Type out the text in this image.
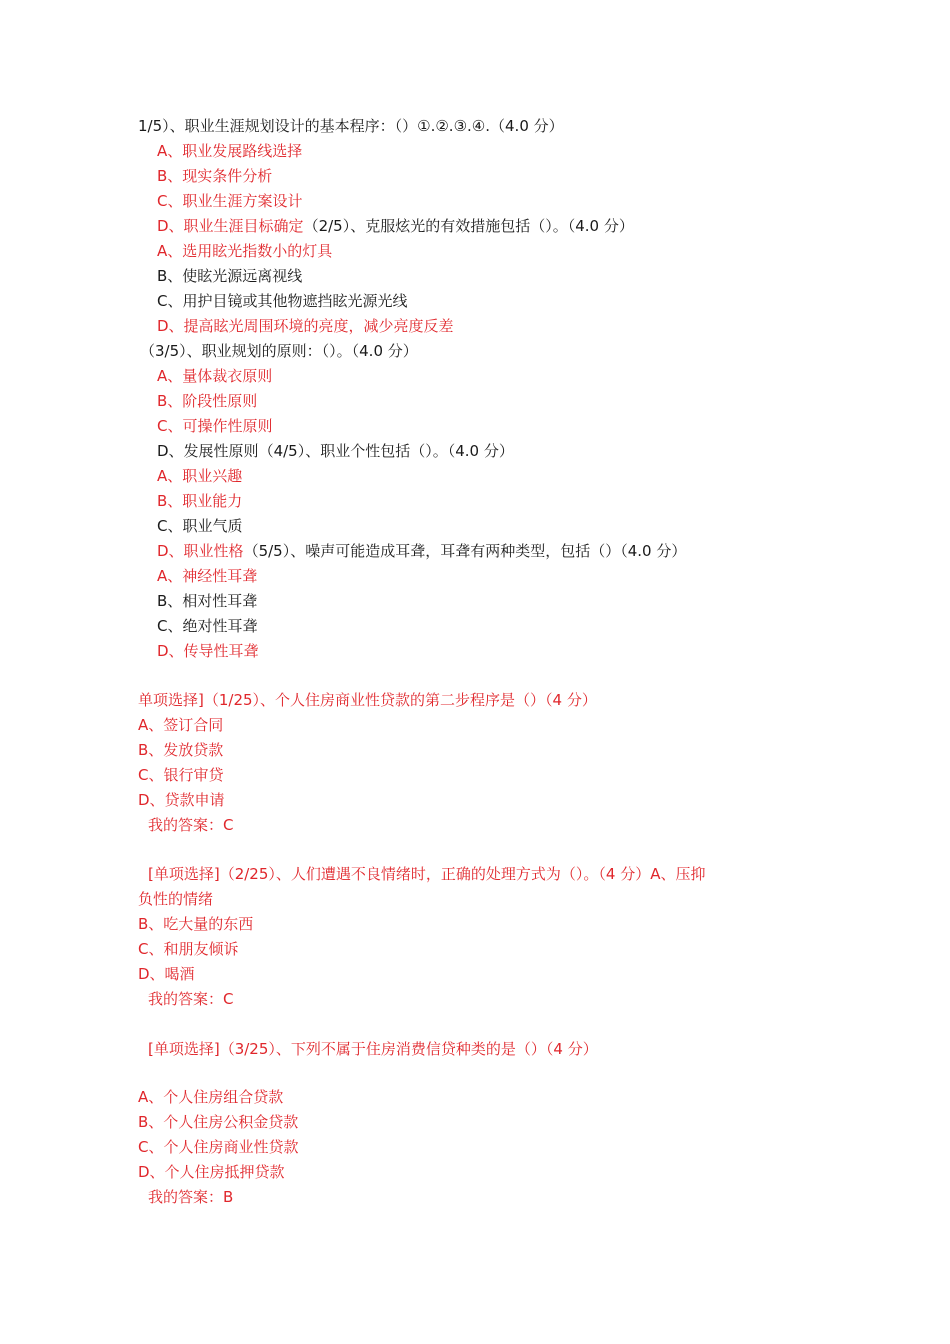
1/5）、职业生涯规划设计的基本程序：（）①.②.③.④.（4.0 分）
A、职业发展路线选择
B、现实条件分析
C、职业生涯方案设计
D、职业生涯目标确定（2/5）、克服炫光的有效措施包括（）。（4.0 分）
A、选用眩光指数小的灯具
B、使眩光源远离视线
C、用护目镜或其他物遮挡眩光源光线
D、提高眩光周围环境的亮度，减少亮度反差
（3/5）、职业规划的原则：（）。（4.0 分）
A、量体裁衣原则
B、阶段性原则
C、可操作性原则
D、发展性原则（4/5）、职业个性包括（）。（4.0 分）
A、职业兴趣
B、职业能力
C、职业气质
D、职业性格（5/5）、噪声可能造成耳聋，耳聋有两种类型，包括（）（4.0 分）
A、神经性耳聋
B、相对性耳聋
C、绝对性耳聋
D、传导性耳聋
单项选择]（1/25）、个人住房商业性贷款的第二步程序是（）（4 分）
A、签订合同
B、发放贷款
C、银行审贷
D、贷款申请
我的答案：C
[单项选择]（2/25）、人们遭遇不良情绪时，正确的处理方式为（）。（4 分）A、压抑
负性的情绪
B、吃大量的东西
C、和朋友倾诉
D、喝酒
我的答案：C
[单项选择]（3/25）、下列不属于住房消费信贷种类的是（）（4 分）
A、个人住房组合贷款
B、个人住房公积金贷款
C、个人住房商业性贷款
D、个人住房抵押贷款
我的答案：B
